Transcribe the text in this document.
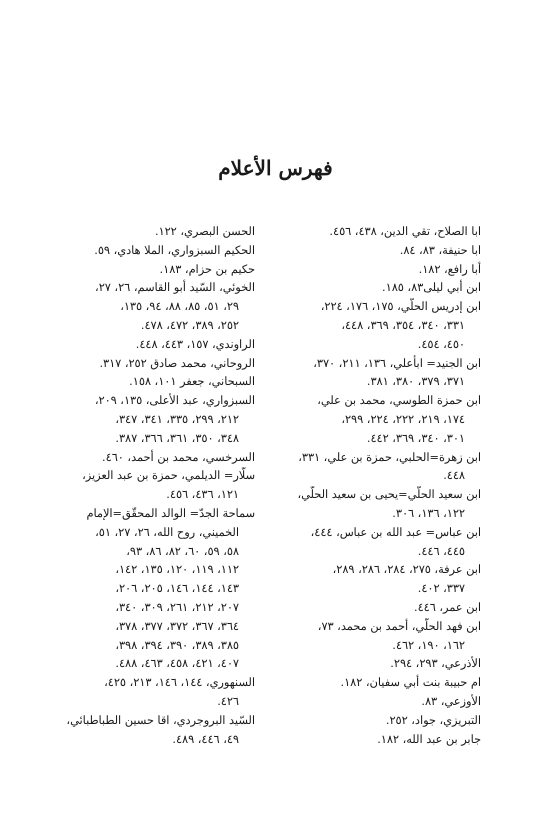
فهرس الأعلام
ابا الصلاح، تقي الدين، ٤٣٨، ٤٥٦.
ابا حنيفة، ٨٣، ٨٤.
أبا رافع، ١٨٢.
ابن أبي ليلى٨٣، ١٨٥.
ابن إدريس الحلّي، ١٧٥، ١٧٦، ٢٢٤،
٣٣١، ٣٤٠، ٣٥٤، ٣٦٩، ٤٤٨،
٤٥٠، ٤٥٤.
ابن الجنيد= ابأعلي، ١٣٦، ٢١١، ٣٧٠،
٣٧١، ٣٧٩، ٣٨٠، ٣٨١.
ابن حمزة الطوسي، محمد بن علي،
١٧٤، ٢١٩، ٢٢٢، ٢٢٤، ٢٩٩،
٣٠١، ٣٤٠، ٣٦٩، ٤٤٢.
ابن زهرة=الحلبي، حمزة بن علي، ٣٣١،
٤٤٨.
ابن سعيد الحلّي=يحيى بن سعيد الحلّي،
١٢٢، ١٣٦، ٣٠٦.
ابن عباس= عبد الله بن عباس، ٤٤٤،
٤٤٥، ٤٤٦.
ابن عرفة، ٢٧٥، ٢٨٤، ٢٨٦، ٢٨٩،
٣٣٧، ٤٠٢.
ابن عمر، ٤٤٦.
ابن فهد الحلّي، أحمد بن محمد، ٧٣،
١٦٢، ١٩٠، ٤٦٢.
الأذرعي، ٢٩٣، ٢٩٤.
ام حبيبة بنت أبي سفيان، ١٨٢.
الأوزعي، ٨٣.
التبريزي، جواد، ٢٥٢.
جابر بن عبد الله، ١٨٢.
الحسن البصري، ١٢٢.
الحكيم السبزواري، الملا هادي، ٥٩.
حكيم بن حزام، ١٨٣.
الخوئي، السّيد أبو القاسم، ٢٦، ٢٧،
٢٩، ٥١، ٨٥، ٨٨، ٩٤، ١٣٥،
٢٥٢، ٣٨٩، ٤٧٢، ٤٧٨.
الراوندي، ١٥٧، ٤٤٣، ٤٤٨.
الروحاني، محمد صادق ٢٥٢، ٣١٧.
السبحاني، جعفر ١٠١، ١٥٨.
السبزواري، عبد الأعلى، ١٣٥، ٢٠٩،
٢١٢، ٢٩٩، ٣٣٥، ٣٤١، ٣٤٧،
٣٤٨، ٣٥٠، ٣٦١، ٣٦٦، ٣٨٧.
السرخسي، محمد بن أحمد، ٤٦٠.
سلّار= الديلمي، حمزة بن عبد العزيز،
١٢١، ٤٣٦، ٤٥٦.
سماحة الجدّ= الوالد المحقّق=الإمام
الخميني، روح الله، ٢٦، ٢٧، ٥١،
٥٨، ٥٩، ٦٠، ٨٢، ٨٦، ٩٣،
١١٢، ١١٩، ١٢٠، ١٣٥، ١٤٢،
١٤٣، ١٤٤، ١٤٦، ٢٠٥، ٢٠٦،
٢٠٧، ٢١٢، ٢٦١، ٣٠٩، ٣٤٠،
٣٦٤، ٣٦٧، ٣٧٢، ٣٧٧، ٣٧٨،
٣٨٥، ٣٨٩، ٣٩٠، ٣٩٤، ٣٩٨،
٤٠٧، ٤٢١، ٤٥٨، ٤٦٣، ٤٨٨.
السنهوري، ١٤٤، ١٤٦، ٢١٣، ٤٢٥،
٤٢٦.
السّيد البروجردي، اقا حسين الطباطبائي،
٤٩، ٤٤٦، ٤٨٩.
